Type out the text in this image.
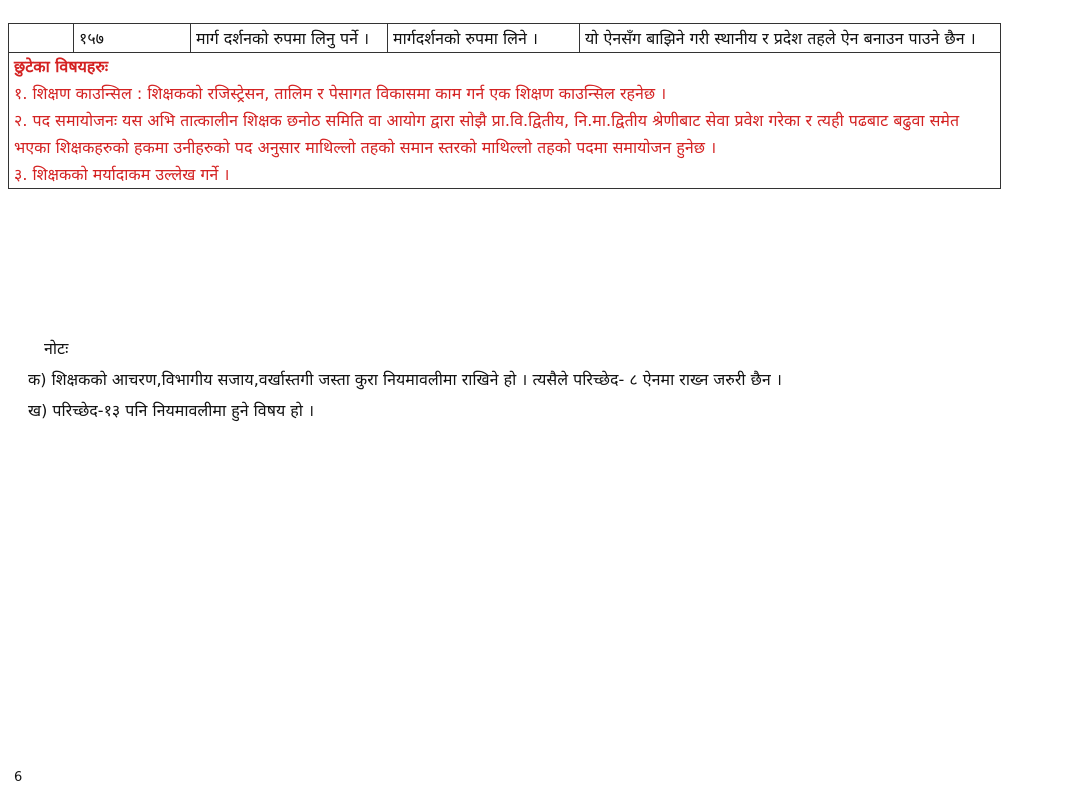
	१५७	मार्ग दर्शनको रुपमा लिनु पर्ने ।	मार्गदर्शनको रुपमा लिने ।	यो ऐनसँग बाझिने गरी स्थानीय र प्रदेश तहले ऐन बनाउन पाउने छैन ।

छुटेका विषयहरुः
१. शिक्षण काउन्सिल : शिक्षकको रजिस्ट्रेसन, तालिम र पेसागत विकासमा काम गर्न एक शिक्षण काउन्सिल रहनेछ ।
२. पद समायोजनः यस अभि तात्कालीन शिक्षक छनोठ समिति वा आयोग द्वारा सोझै प्रा.वि.द्वितीय, नि.मा.द्वितीय श्रेणीबाट सेवा प्रवेश गरेका र त्यही पढबाट बढुवा समेत भएका शिक्षकहरुको हकमा उनीहरुको पद अनुसार माथिल्लो तहको समान स्तरको माथिल्लो तहको पदमा समायोजन हुनेछ ।
३. शिक्षकको मर्यादाकम उल्लेख गर्ने ।
नोटः
क) शिक्षकको आचरण,विभागीय सजाय,वर्खास्तगी जस्ता कुरा नियमावलीमा राखिने हो । त्यसैले परिच्छेद- ८ ऐनमा राख्न जरुरी छैन ।
ख) परिच्छेद-१३ पनि नियमावलीमा हुने विषय हो ।
6
